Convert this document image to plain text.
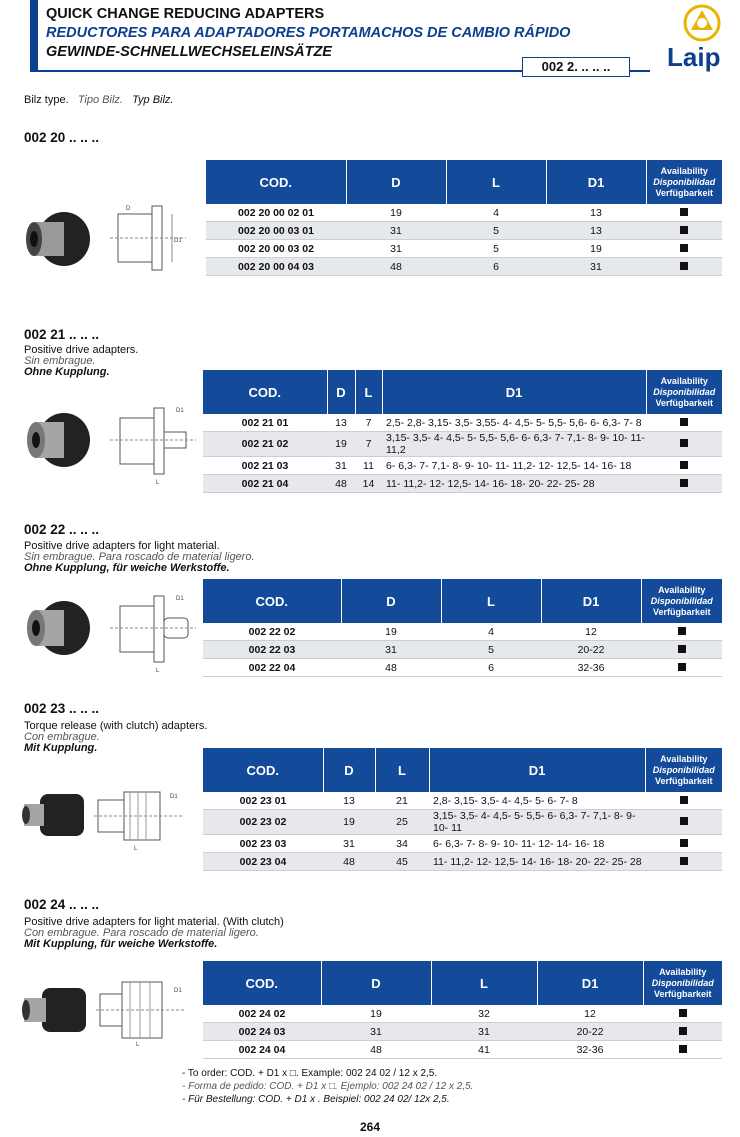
QUICK CHANGE REDUCING ADAPTERS
REDUCTORES PARA ADAPTADORES PORTAMACHOS DE CAMBIO RÁPIDO
GEWINDE-SCHNELLWECHSELEINSÄTZE
002 2. .. .. ..	Laip
Bilz type. Tipo Bilz. Typ Bilz.
002 20 .. .. ..
D1
D
COD.	D	L	D1	Availability
Disponibilidad
Verfügbarkeit
002 20 00 02 01	19	4	13	
002 20 00 03 01	31	5	13	
002 20 00 03 02	31	5	19	
002 20 00 04 03	48	6	31	
002 21 .. .. ..
Positive drive adapters.
Sin embrague.
Ohne Kupplung.
D1
L
COD.	D	L	D1	Availability
Disponibilidad
Verfügbarkeit
002 21 01	13	7	2,5- 2,8- 3,15- 3,5- 3,55- 4- 4,5- 5- 5,5- 5,6- 6- 6,3- 7- 8	
002 21 02	19	7	3,15- 3,5- 4- 4,5- 5- 5,5- 5,6- 6- 6,3- 7- 7,1- 8- 9- 10- 11- 11,2	
002 21 03	31	11	6- 6,3- 7- 7,1- 8- 9- 10- 11- 11,2- 12- 12,5- 14- 16- 18	
002 21 04	48	14	11- 11,2- 12- 12,5- 14- 16- 18- 20- 22- 25- 28	
002 22 .. .. ..
Positive drive adapters for light material.
Sin embrague. Para roscado de material ligero.
Ohne Kupplung, für weiche Werkstoffe.
D1
L
COD.	D	L	D1	Availability
Disponibilidad
Verfügbarkeit
002 22 02	19	4	12	
002 22 03	31	5	20-22	
002 22 04	48	6	32-36	
002 23 .. .. ..
Torque release (with clutch) adapters.
Con embrague.
Mit Kupplung.
D1
L
COD.	D	L	D1	Availability
Disponibilidad
Verfügbarkeit
002 23 01	13	21	2,8- 3,15- 3,5- 4- 4,5- 5- 6- 7- 8	
002 23 02	19	25	3,15- 3,5- 4- 4,5- 5- 5,5- 6- 6,3- 7- 7,1- 8- 9- 10- 11	
002 23 03	31	34	6- 6,3- 7- 8- 9- 10- 11- 12- 14- 16- 18	
002 23 04	48	45	11- 11,2- 12- 12,5- 14- 16- 18- 20- 22- 25- 28	
002 24 .. .. ..
Positive drive adapters for light material. (With clutch)
Con embrague. Para roscado de material ligero.
Mit Kupplung, für weiche Werkstoffe.
D1
L
COD.	D	L	D1	Availability
Disponibilidad
Verfügbarkeit
002 24 02	19	32	12	
002 24 03	31	31	20-22	
002 24 04	48	41	32-36	
- To order: COD. + D1 x □. Example: 002 24 02 / 12 x 2,5.
- Forma de pedido: COD. + D1 x □. Ejemplo: 002 24 02 / 12 x 2,5.
- Für Bestellung: COD. + D1 x . Beispiel: 002 24 02/ 12x 2,5.
264
